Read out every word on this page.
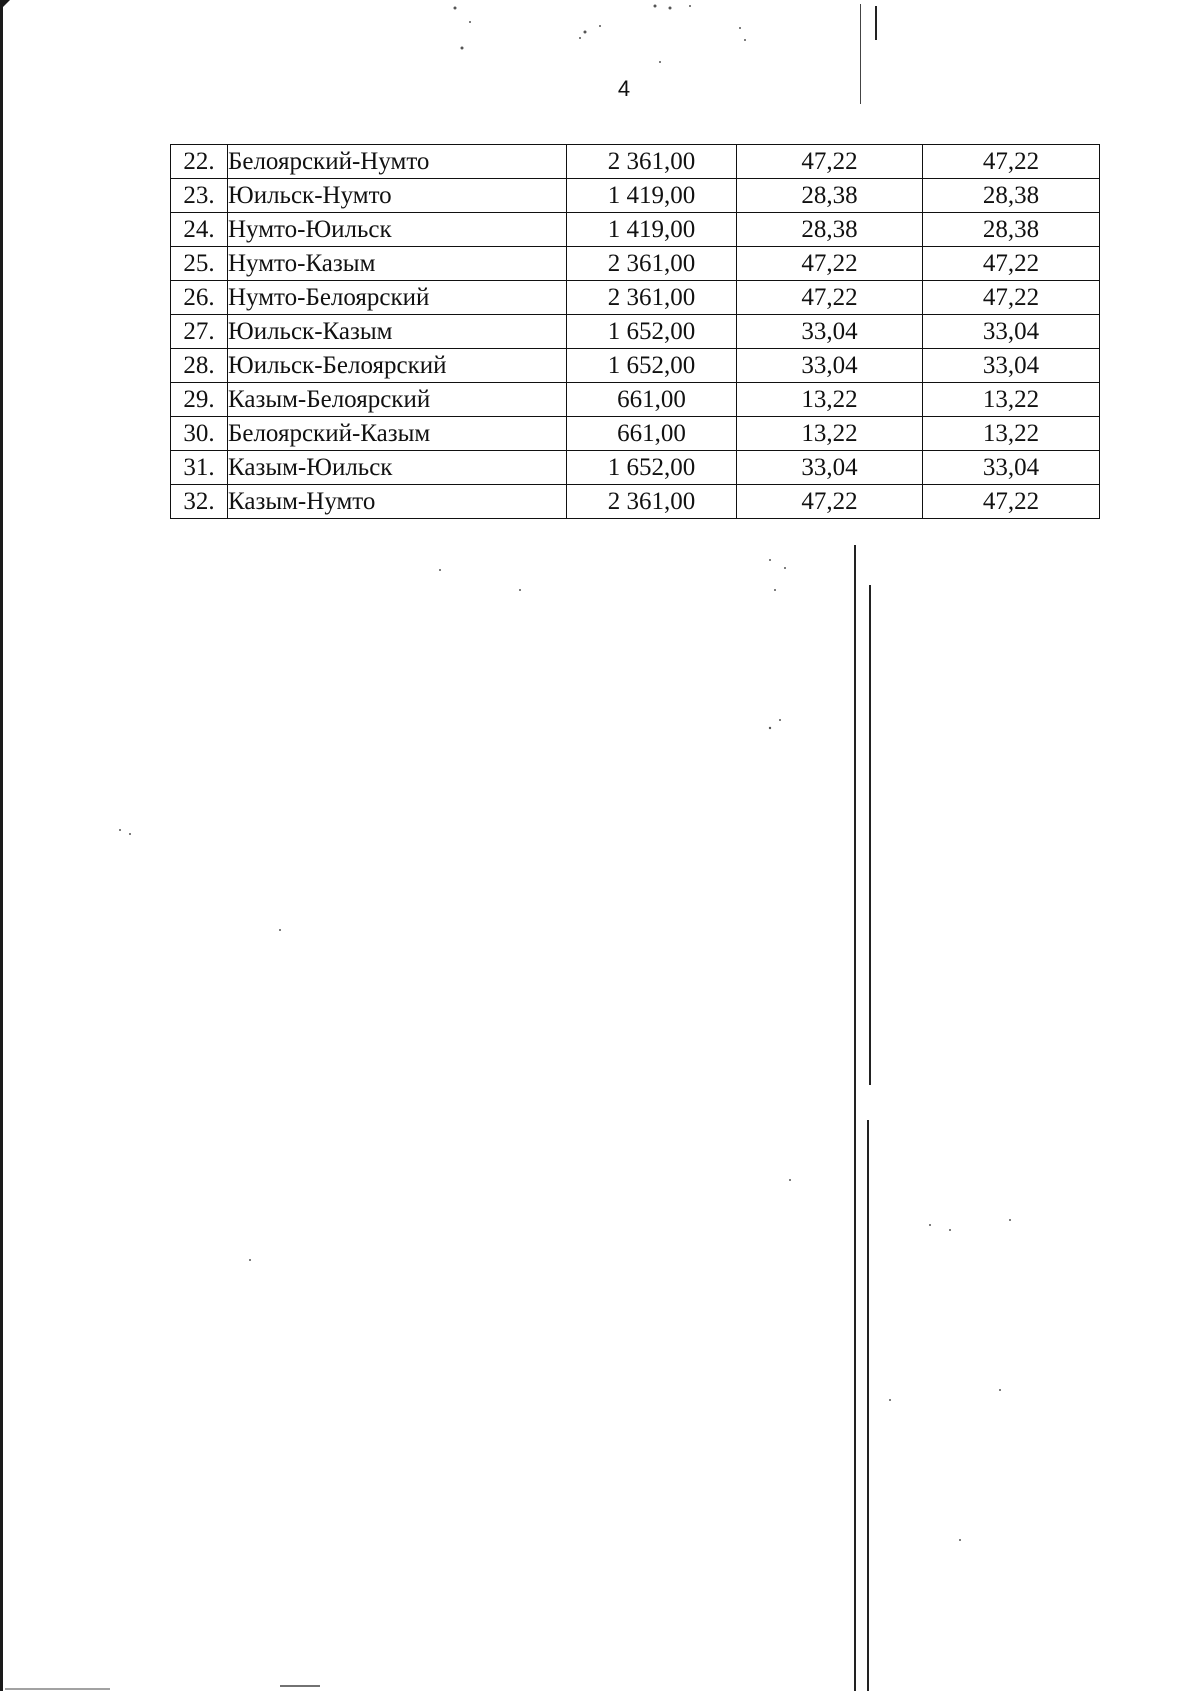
4
22.	Белоярский-Нумто	2 361,00	47,22	47,22
23.	Юильск-Нумто	1 419,00	28,38	28,38
24.	Нумто-Юильск	1 419,00	28,38	28,38
25.	Нумто-Казым	2 361,00	47,22	47,22
26.	Нумто-Белоярский	2 361,00	47,22	47,22
27.	Юильск-Казым	1 652,00	33,04	33,04
28.	Юильск-Белоярский	1 652,00	33,04	33,04
29.	Казым-Белоярский	661,00	13,22	13,22
30.	Белоярский-Казым	661,00	13,22	13,22
31.	Казым-Юильск	1 652,00	33,04	33,04
32.	Казым-Нумто	2 361,00	47,22	47,22
